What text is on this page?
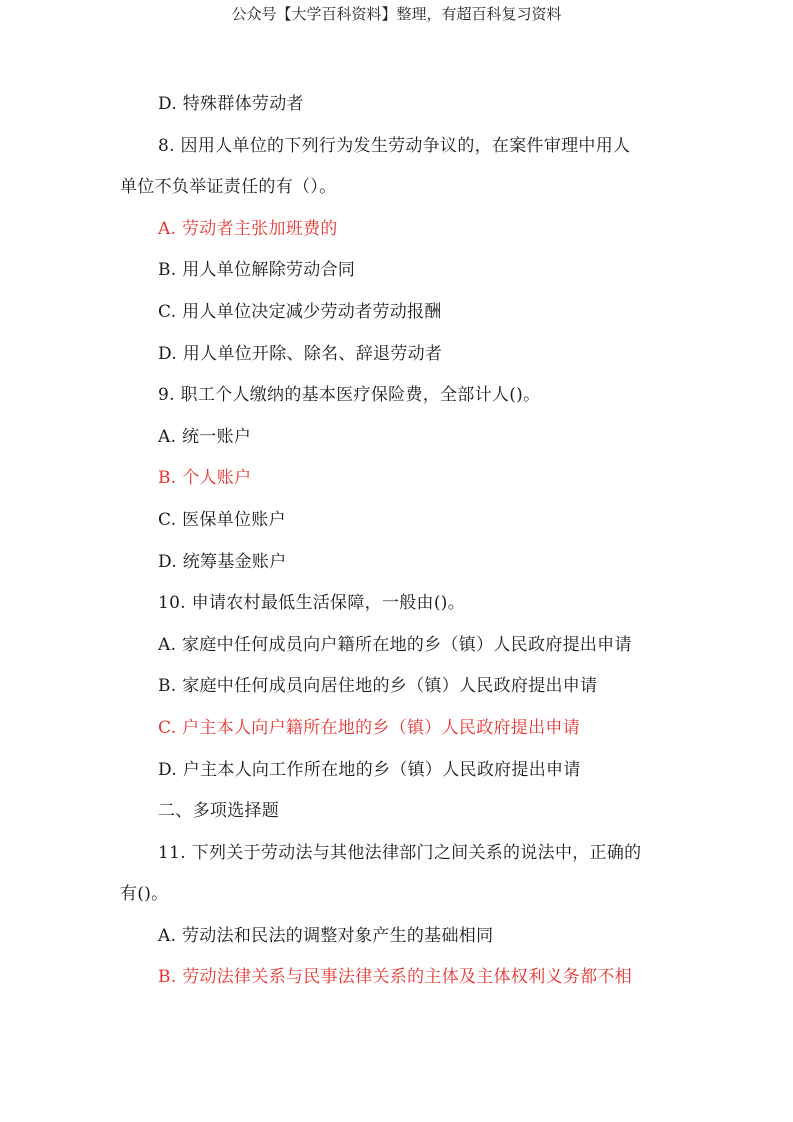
公众号【大学百科资料】整理，有超百科复习资料
D. 特殊群体劳动者
8. 因用人单位的下列行为发生劳动争议的，在案件审理中用人
单位不负举证责任的有（）。
A. 劳动者主张加班费的
B. 用人单位解除劳动合同
C. 用人单位决定减少劳动者劳动报酬
D. 用人单位开除、除名、辞退劳动者
9. 职工个人缴纳的基本医疗保险费，全部计人()。
A. 统一账户
B. 个人账户
C. 医保单位账户
D. 统筹基金账户
10. 申请农村最低生活保障，一般由()。
A. 家庭中任何成员向户籍所在地的乡（镇）人民政府提出申请
B. 家庭中任何成员向居住地的乡（镇）人民政府提出申请
C. 户主本人向户籍所在地的乡（镇）人民政府提出申请
D. 户主本人向工作所在地的乡（镇）人民政府提出申请
二、多项选择题
11. 下列关于劳动法与其他法律部门之间关系的说法中，正确的
有()。
A. 劳动法和民法的调整对象产生的基础相同
B. 劳动法律关系与民事法律关系的主体及主体权利义务都不相
